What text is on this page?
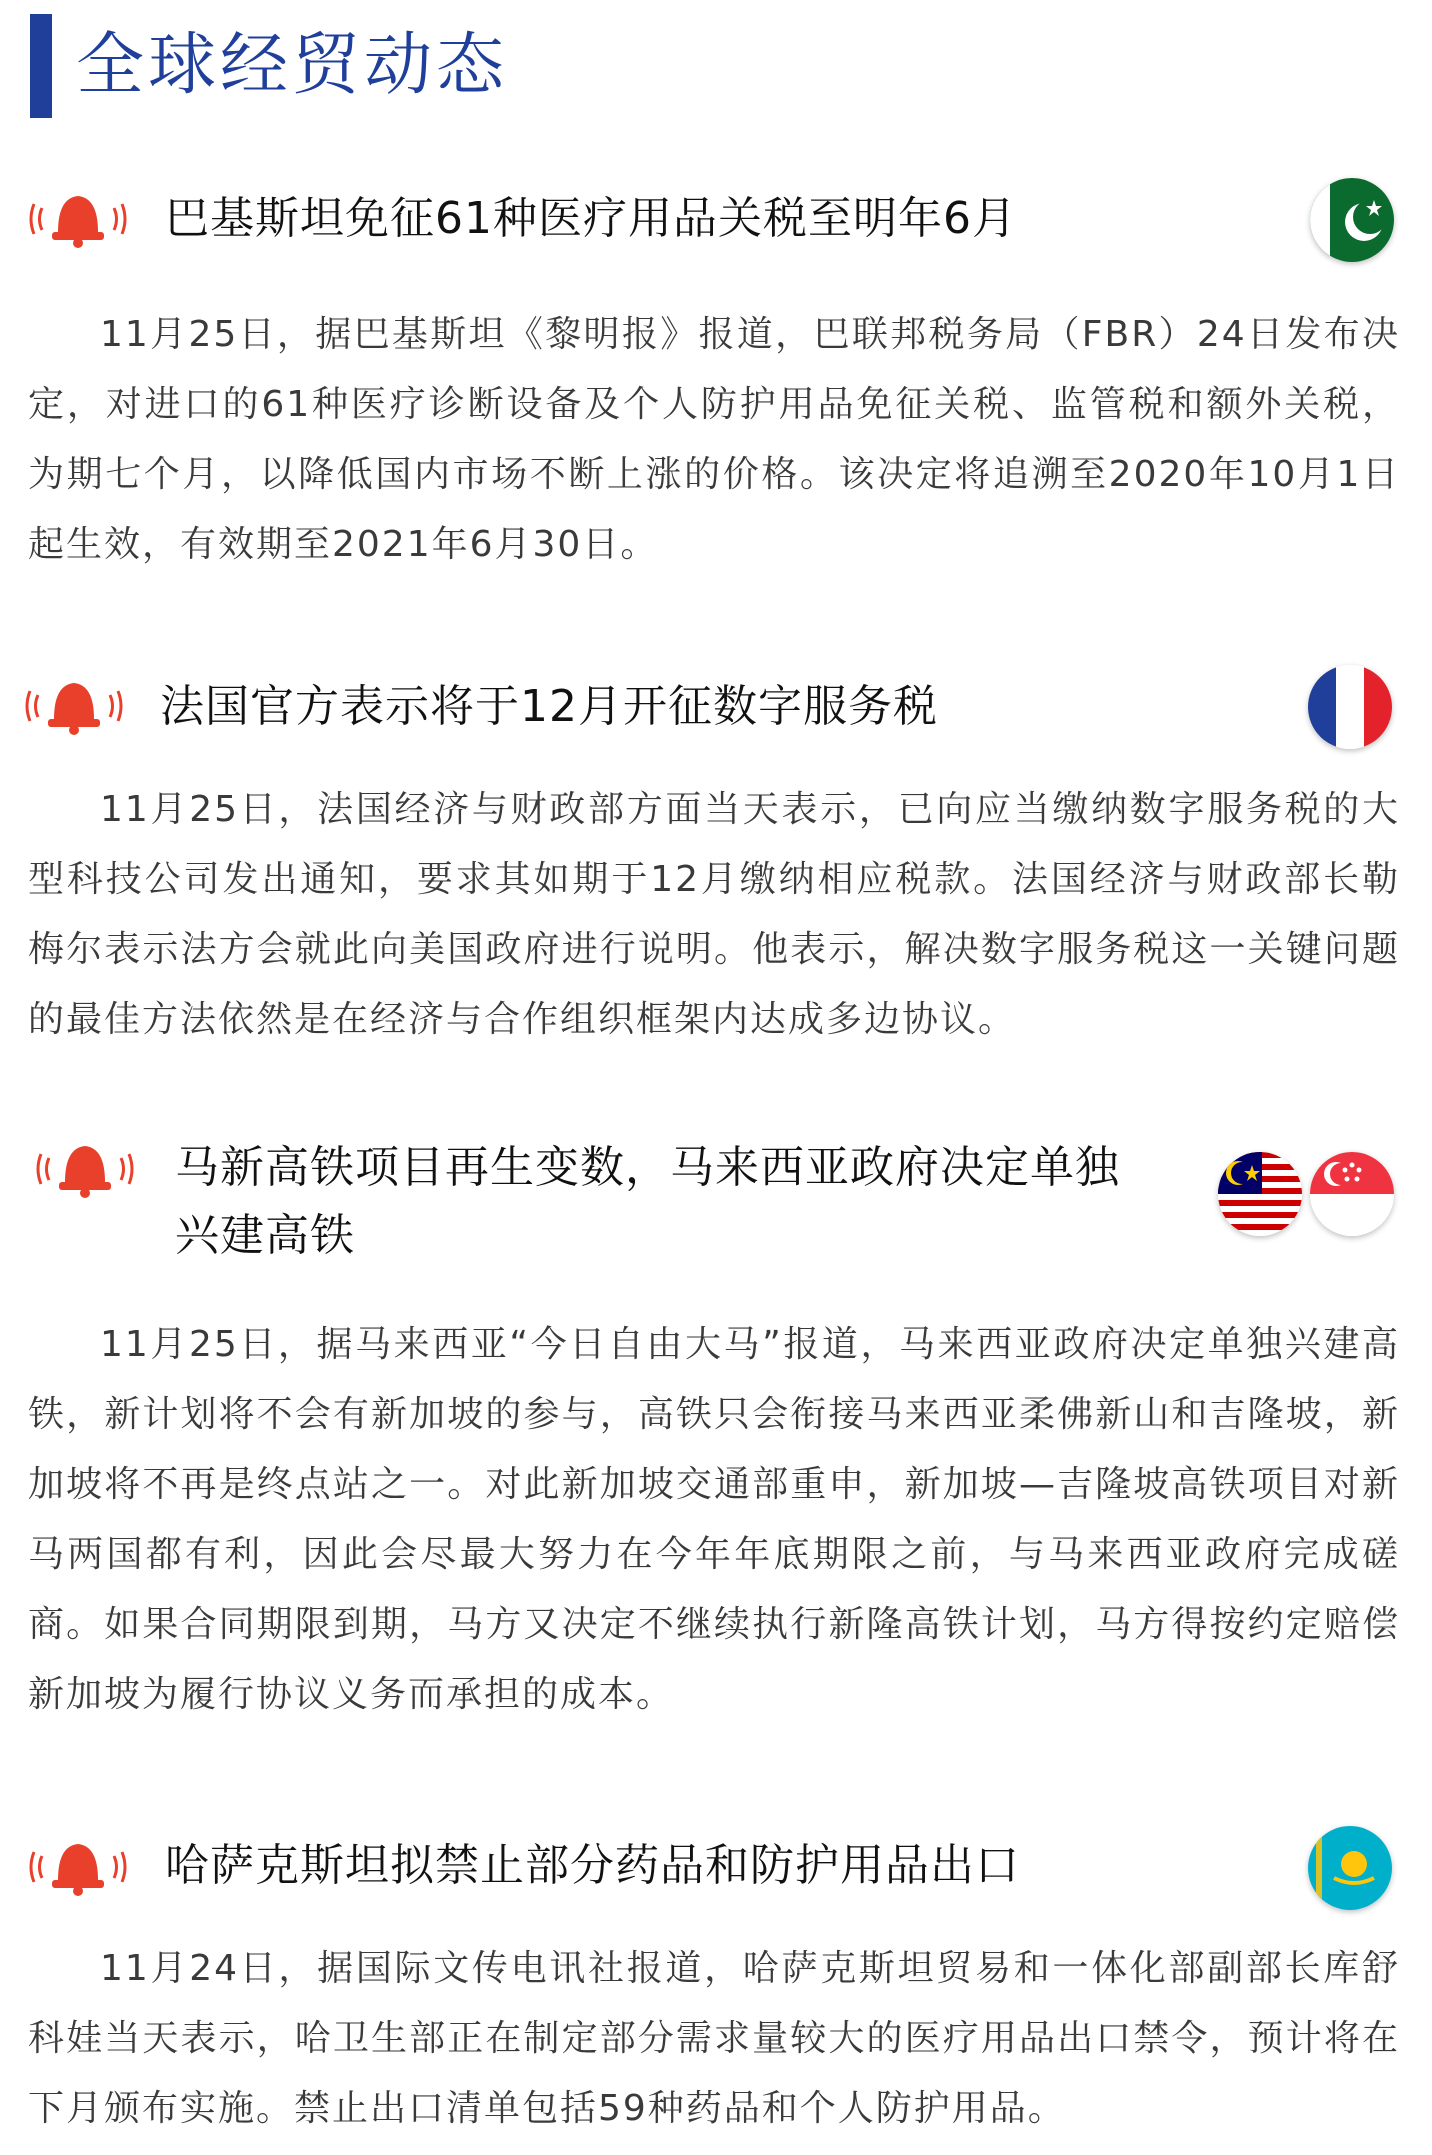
全球经贸动态
巴基斯坦免征61种医疗用品关税至明年6月

11月25日，据巴基斯坦《黎明报》报道，巴联邦税务局（FBR）24日发布决定，对进口的61种医疗诊断设备及个人防护用品免征关税、监管税和额外关税，为期七个月，以降低国内市场不断上涨的价格。该决定将追溯至2020年10月1日起生效，有效期至2021年6月30日。

法国官方表示将于12月开征数字服务税

11月25日，法国经济与财政部方面当天表示，已向应当缴纳数字服务税的大型科技公司发出通知，要求其如期于12月缴纳相应税款。法国经济与财政部长勒梅尔表示法方会就此向美国政府进行说明。他表示，解决数字服务税这一关键问题的最佳方法依然是在经济与合作组织框架内达成多边协议。

马新高铁项目再生变数，马来西亚政府决定单独兴建高铁

11月25日，据马来西亚“今日自由大马”报道，马来西亚政府决定单独兴建高铁，新计划将不会有新加坡的参与，高铁只会衔接马来西亚柔佛新山和吉隆坡，新加坡将不再是终点站之一。对此新加坡交通部重申，新加坡—吉隆坡高铁项目对新马两国都有利，因此会尽最大努力在今年年底期限之前，与马来西亚政府完成磋商。如果合同期限到期，马方又决定不继续执行新隆高铁计划，马方得按约定赔偿新加坡为履行协议义务而承担的成本。

哈萨克斯坦拟禁止部分药品和防护用品出口

11月24日，据国际文传电讯社报道，哈萨克斯坦贸易和一体化部副部长库舒科娃当天表示，哈卫生部正在制定部分需求量较大的医疗用品出口禁令，预计将在下月颁布实施。禁止出口清单包括59种药品和个人防护用品。
